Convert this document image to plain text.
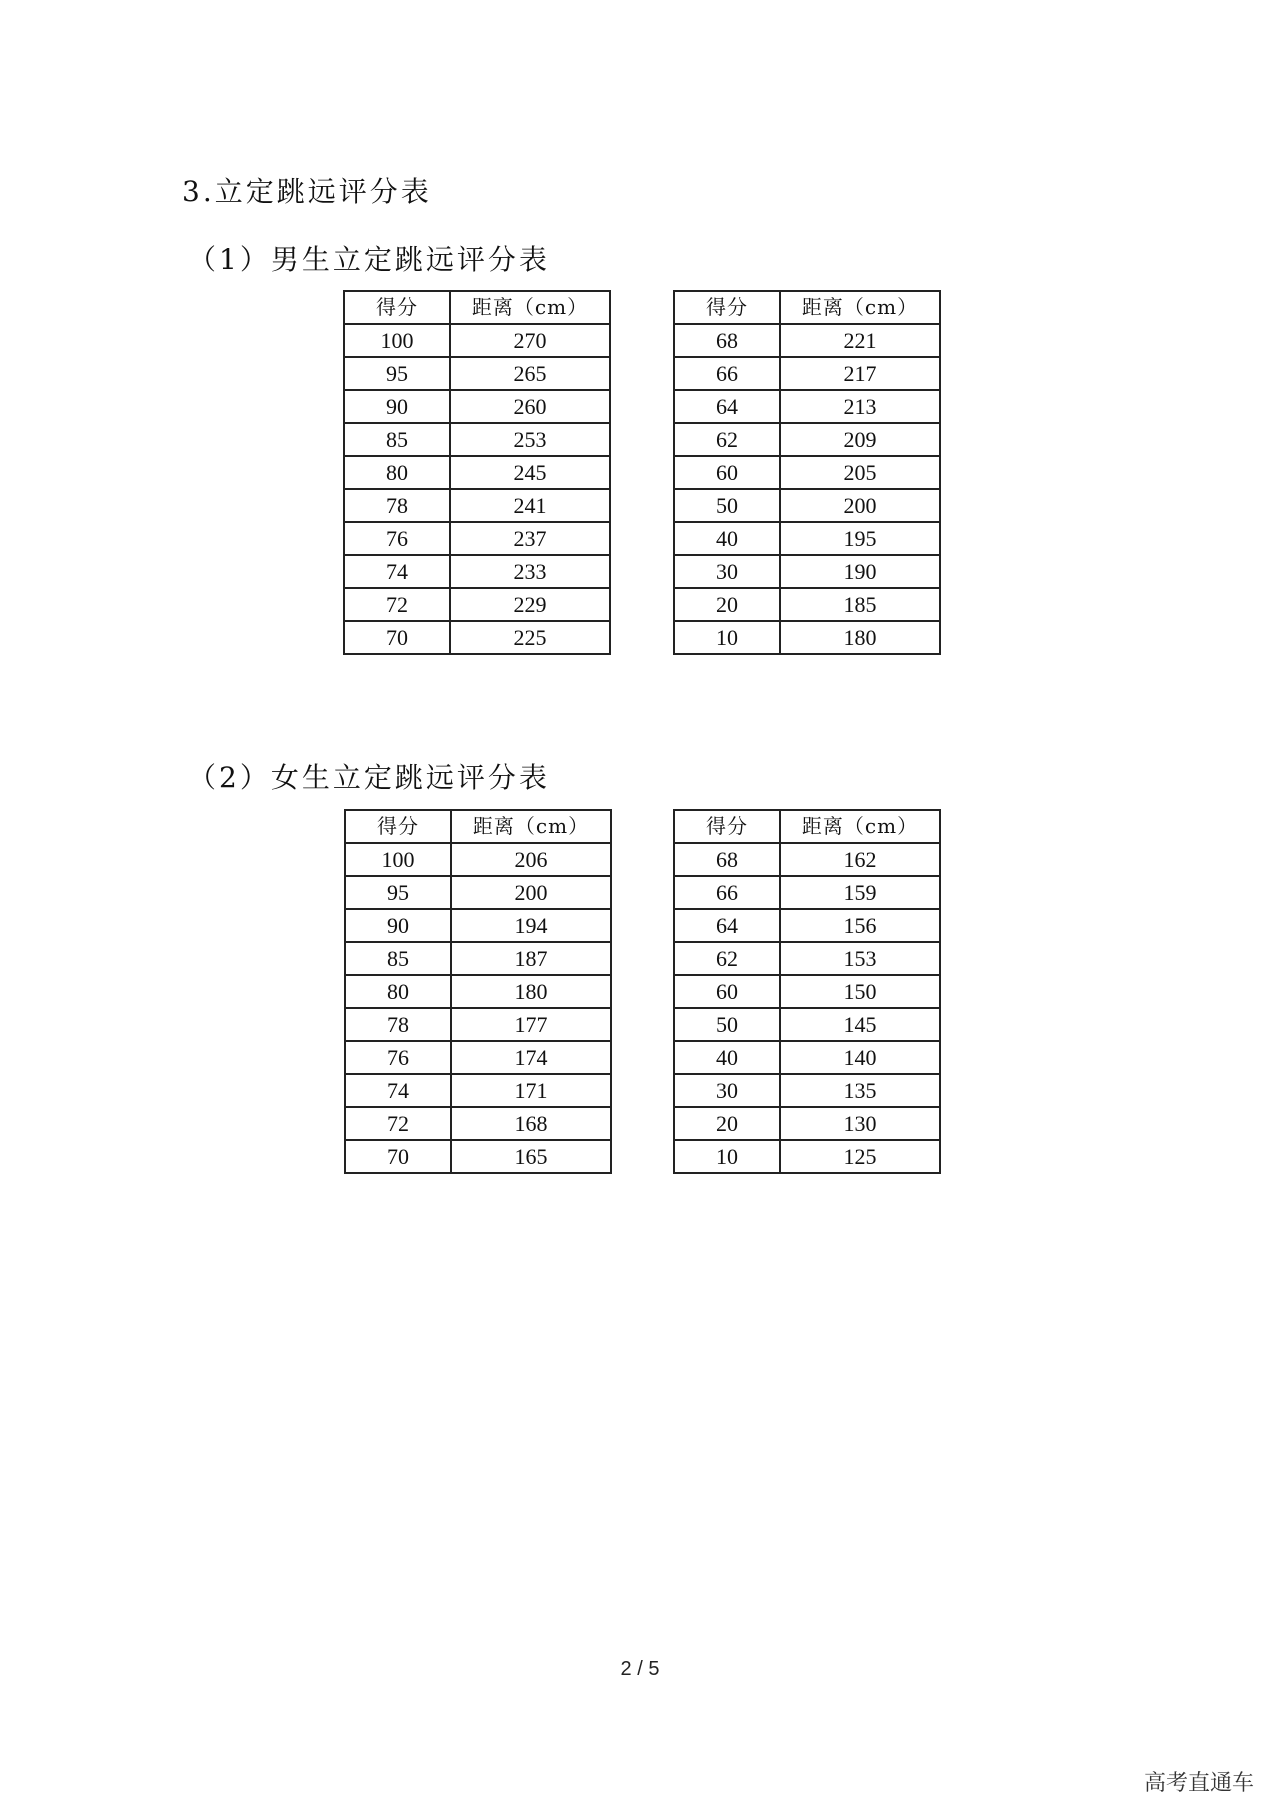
3.立定跳远评分表
（1）男生立定跳远评分表
得分	距离（cm）
100	270
95	265
90	260
85	253
80	245
78	241
76	237
74	233
72	229
70	225
得分	距离（cm）
68	221
66	217
64	213
62	209
60	205
50	200
40	195
30	190
20	185
10	180
（2）女生立定跳远评分表
得分	距离（cm）
100	206
95	200
90	194
85	187
80	180
78	177
76	174
74	171
72	168
70	165
得分	距离（cm）
68	162
66	159
64	156
62	153
60	150
50	145
40	140
30	135
20	130
10	125
2 / 5
高考直通车
